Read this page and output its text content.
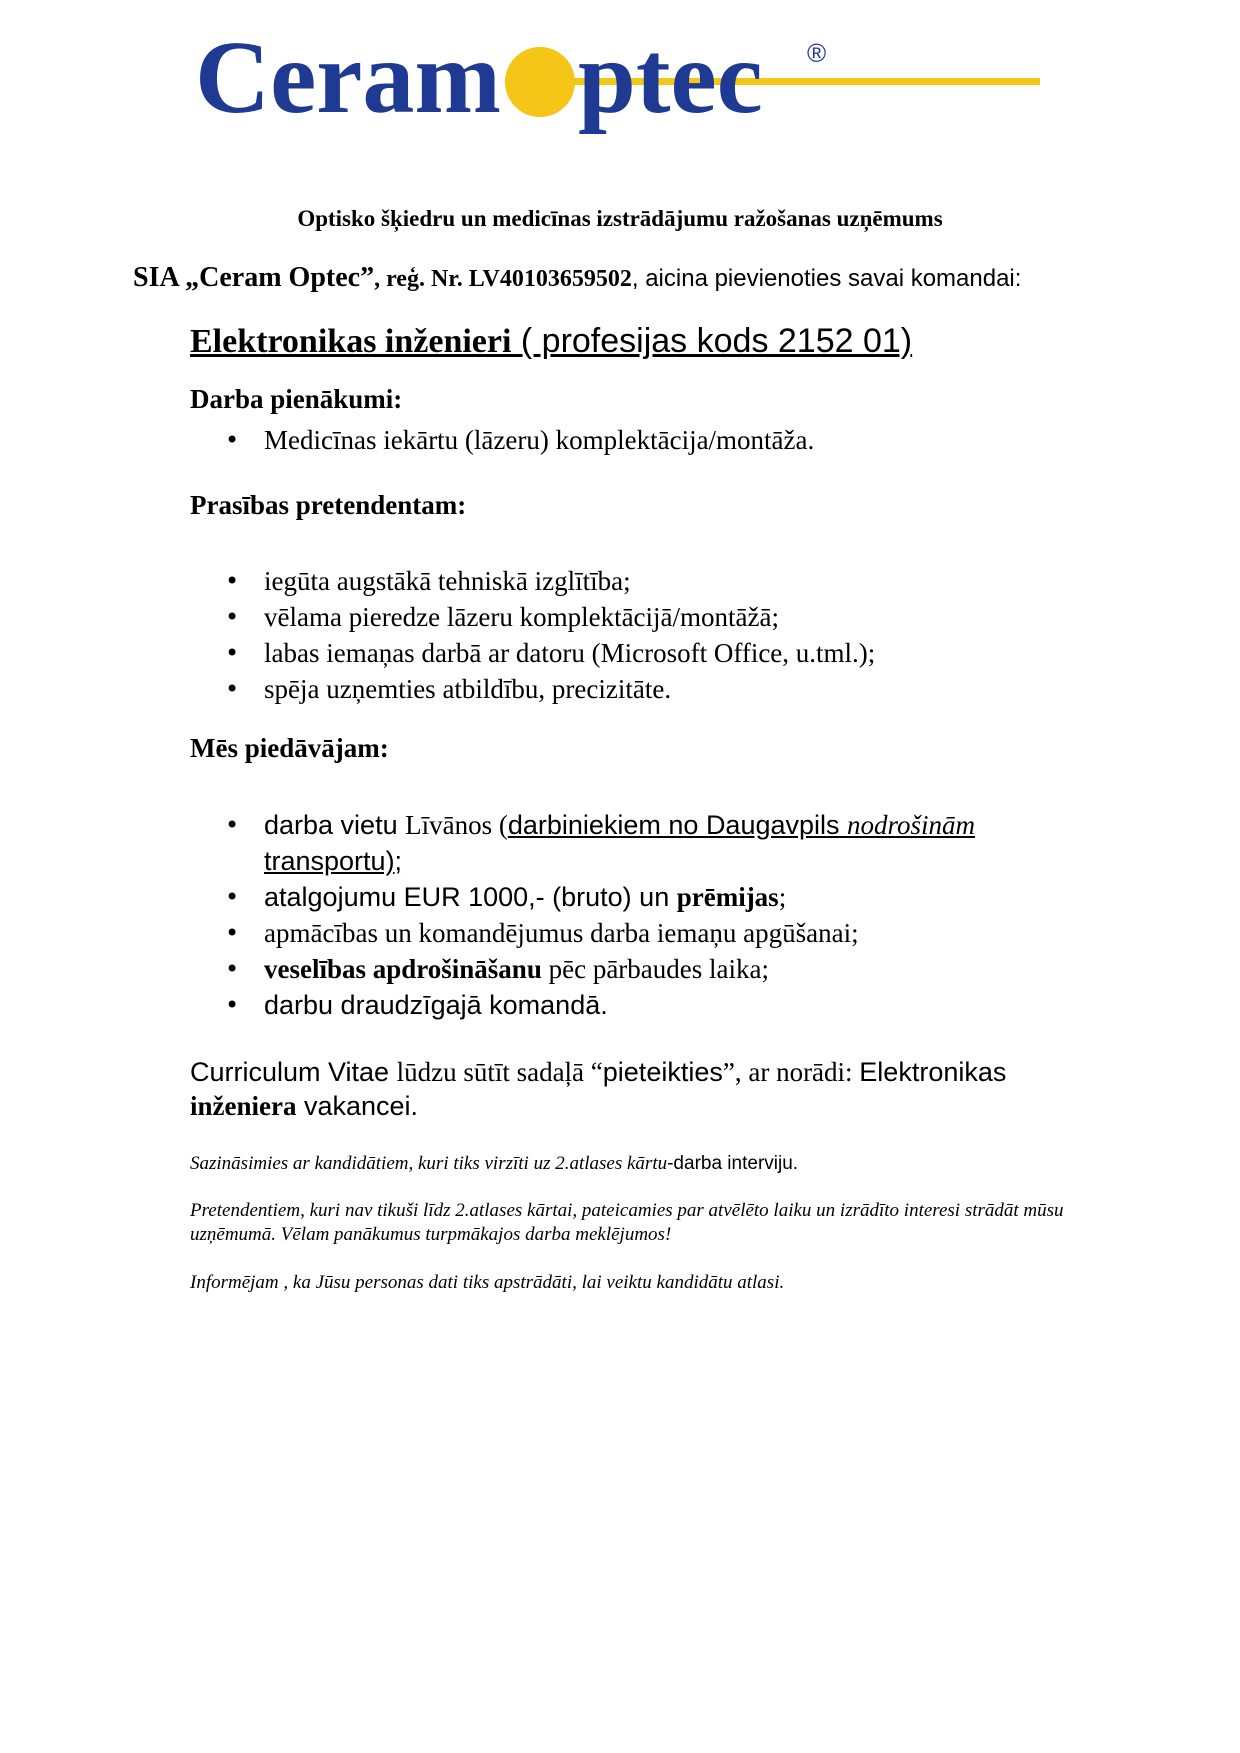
Ceram ptec ®
Optisko šķiedru un medicīnas izstrādājumu ražošanas uzņēmums
SIA „Ceram Optec”, reģ. Nr. LV40103659502, aicina pievienoties savai komandai:
Elektronikas inženieri ( profesijas kods 2152 01)
Darba pienākumi:
• Medicīnas iekārtu (lāzeru) komplektācija/montāža.
Prasības pretendentam:
• iegūta augstākā tehniskā izglītība;
• vēlama pieredze lāzeru komplektācijā/montāžā;
• labas iemaņas darbā ar datoru (Microsoft Office, u.tml.);
• spēja uzņemties atbildību, precizitāte.
Mēs piedāvājam:
• darba vietu Līvānos (darbiniekiem no Daugavpils nodrošinām
transportu);
• atalgojumu EUR 1000,- (bruto) un prēmijas;
• apmācības un komandējumus darba iemaņu apgūšanai;
• veselības apdrošināšanu pēc pārbaudes laika;
• darbu draudzīgajā komandā.
Curriculum Vitae lūdzu sūtīt sadaļā “pieteikties”, ar norādi: Elektronikas
inženiera vakancei.
Sazināsimies ar kandidātiem, kuri tiks virzīti uz 2.atlases kārtu-darba interviju.
Pretendentiem, kuri nav tikuši līdz 2.atlases kārtai, pateicamies par atvēlēto laiku un izrādīto interesi strādāt mūsu uzņēmumā. Vēlam panākumus turpmākajos darba meklējumos!
Informējam , ka Jūsu personas dati tiks apstrādāti, lai veiktu kandidātu atlasi.
